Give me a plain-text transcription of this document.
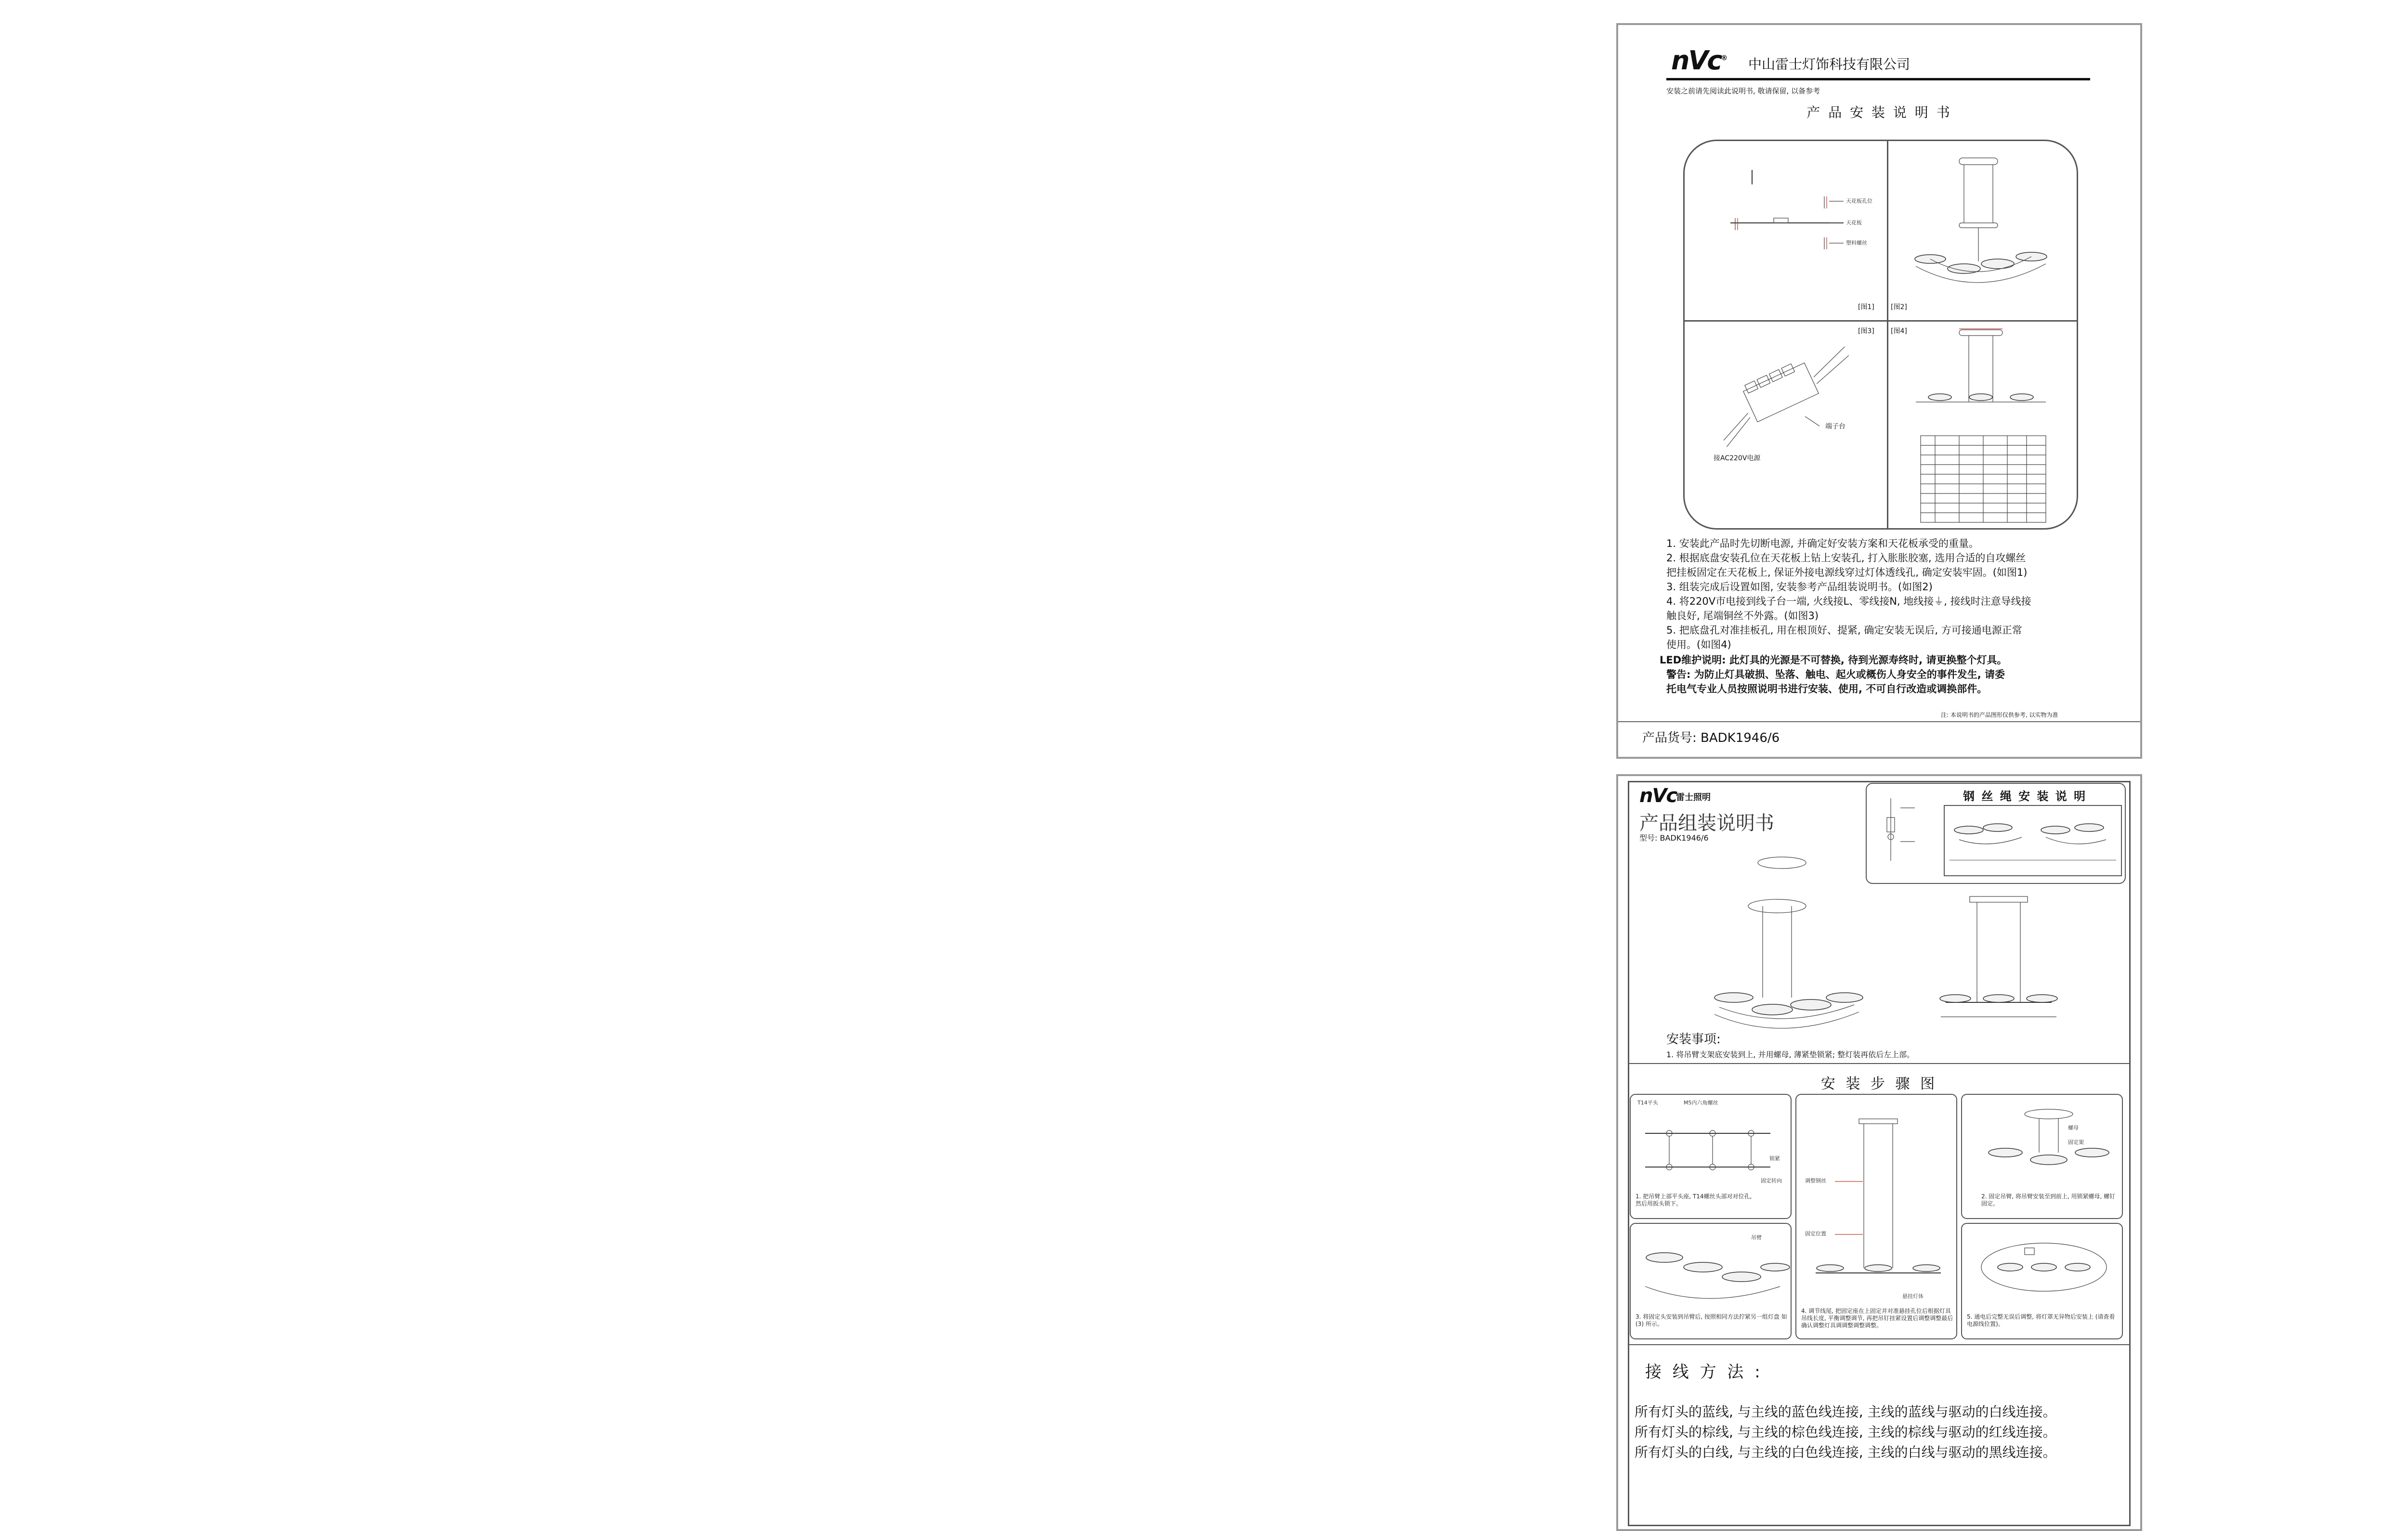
nVc® 中山雷士灯饰科技有限公司
安装之前请先阅读此说明书, 敬请保留, 以备参考
产 品 安 装 说 明 书
天花板孔位
天花板
塑料螺丝
[图1] [图2]
[图3]
端子台
接AC220V电源
[图4]
1. 安装此产品时先切断电源, 并确定好安装方案和天花板承受的重量。
2. 根据底盘安装孔位在天花板上钻上安装孔, 打入胀胀胶塞, 选用合适的自攻螺丝
把挂板固定在天花板上, 保证外接电源线穿过灯体透线孔, 确定安装牢固。(如图1)
3. 组装完成后设置如图, 安装参考产品组装说明书。(如图2)
4. 将220V市电接到线子台一端, 火线接L、零线接N, 地线接⏚, 接线时注意导线接
触良好, 尾端铜丝不外露。(如图3)
5. 把底盘孔对准挂板孔, 用在根顶好、提紧, 确定安装无误后, 方可接通电源正常
使用。(如图4)
LED维护说明: 此灯具的光源是不可替换, 待到光源寿终时, 请更换整个灯具。
警告: 为防止灯具破损、坠落、触电、起火或概伤人身安全的事件发生, 请委
托电气专业人员按照说明书进行安装、使用, 不可自行改造或调换部件。
注: 本说明书的产品图形仅供参考, 以实物为准
产品货号: BADK1946/6
nVc
雷士照明
产品组装说明书
型号: BADK1946/6
钢 丝 绳 安 装 说 明
安装事项:
1. 将吊臂支架底安装到上, 并用螺母, 薄紧垫锁紧; 整灯装再依后左上部。
安 装 步 骤 图
T14平头	M5内六角螺丝
锁紧
固定转向
1. 把吊臂上部平头座, T14螺丝头部对对位孔, 然后用扳头锁下。
调整钢丝
固定位置
悬挂灯体
4. 调节线尾, 把固定座在上固定并对准悬挂孔位后根据灯具吊线长度, 平衡调整调节, 再把吊钉挂紧设置后调整调整最后确认调整灯具调调整调整调整。
螺母
固定架
2. 固定吊臂, 将吊臂安装至到前上, 用锁紧螺母, 螺钉固定。
吊臂
3. 将固定头安装到吊臂后, 按照相同方法拧紧另一组灯盘 如(3) 所示。
5. 通电后完整无误后调整, 将灯罩无异物后安装上 (请查看电源线位置)。
接 线 方 法 :
所有灯头的蓝线, 与主线的蓝色线连接, 主线的蓝线与驱动的白线连接。
所有灯头的棕线, 与主线的棕色线连接, 主线的棕线与驱动的红线连接。
所有灯头的白线, 与主线的白色线连接, 主线的白线与驱动的黑线连接。
